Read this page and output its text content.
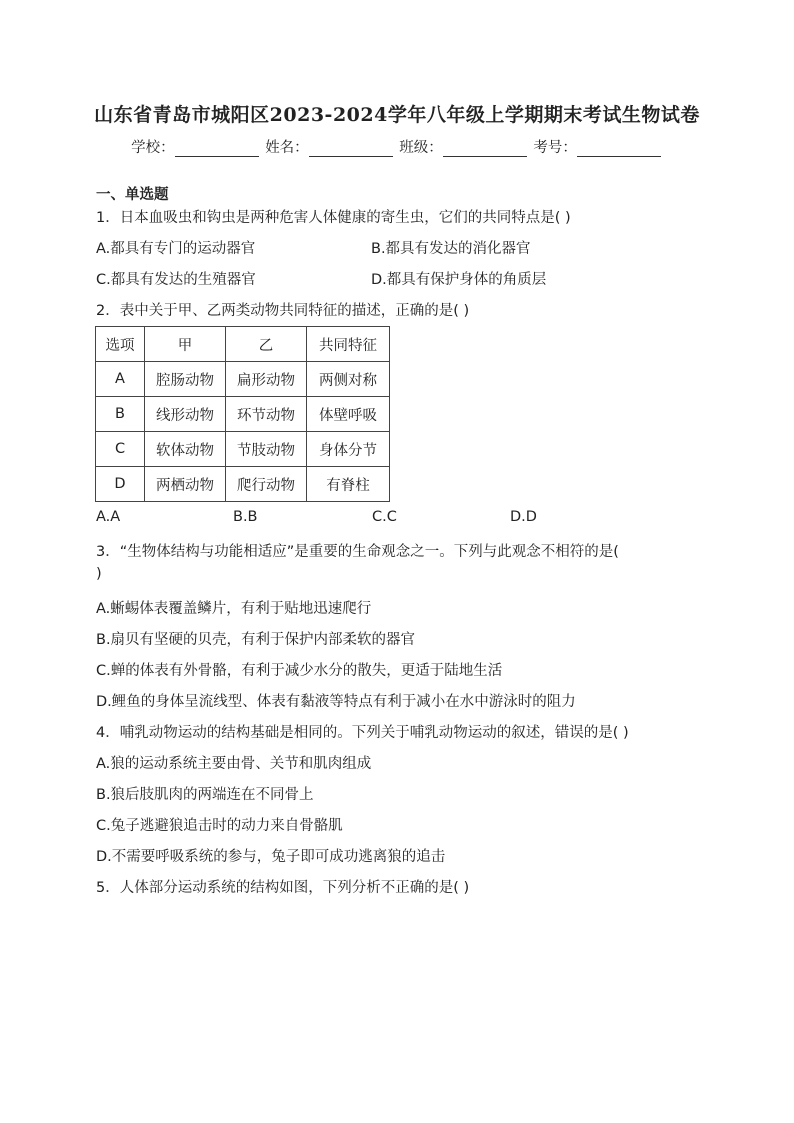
山东省青岛市城阳区2023-2024学年八年级上学期期末考试生物试卷
学校：	姓名：	班级：	考号：
一、单选题
1．日本血吸虫和钩虫是两种危害人体健康的寄生虫，它们的共同特点是( )
A.都具有专门的运动器官	B.都具有发达的消化器官
C.都具有发达的生殖器官	D.都具有保护身体的角质层
2．表中关于甲、乙两类动物共同特征的描述，正确的是( )
选项	甲	乙	共同特征
A	腔肠动物	扁形动物	两侧对称
B	线形动物	环节动物	体壁呼吸
C	软体动物	节肢动物	身体分节
D	两栖动物	爬行动物	有脊柱
A.A	B.B	C.C	D.D
3．“生物体结构与功能相适应”是重要的生命观念之一。下列与此观念不相符的是(
)
A.蜥蜴体表覆盖鳞片，有利于贴地迅速爬行
B.扇贝有坚硬的贝壳，有利于保护内部柔软的器官
C.蝉的体表有外骨骼，有利于减少水分的散失，更适于陆地生活
D.鲤鱼的身体呈流线型、体表有黏液等特点有利于减小在水中游泳时的阻力
4．哺乳动物运动的结构基础是相同的。下列关于哺乳动物运动的叙述，错误的是( )
A.狼的运动系统主要由骨、关节和肌肉组成
B.狼后肢肌肉的两端连在不同骨上
C.兔子逃避狼追击时的动力来自骨骼肌
D.不需要呼吸系统的参与，兔子即可成功逃离狼的追击
5．人体部分运动系统的结构如图，下列分析不正确的是( )
